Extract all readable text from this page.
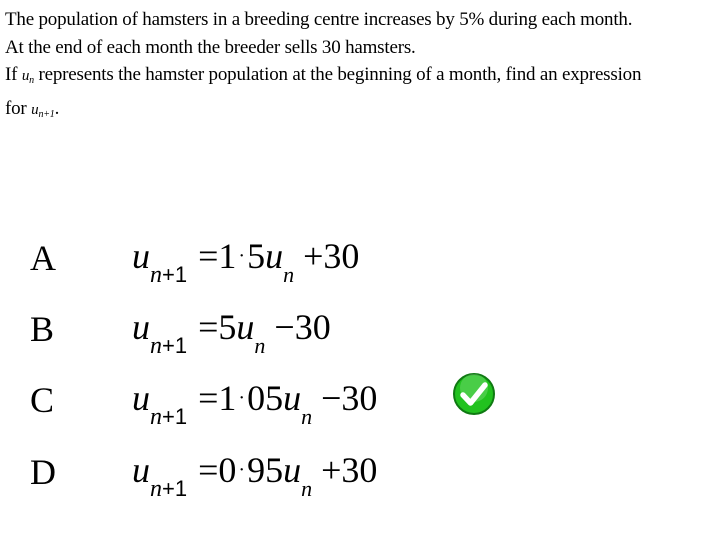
The population of hamsters in a breeding centre increases by 5% during each month.
At the end of each month the breeder sells 30 hamsters.
If $u_n$ represents the hamster population at the beginning of a month, find an expression
for $u_{n+1}$.
A $u_{n+1} =1 \cdot 5u_n +30$
B $u_{n+1} =5u_n -30$
C $u_{n+1} =1 \cdot 05u_n -30$
D $u_{n+1} =0 \cdot 95u_n +30$
